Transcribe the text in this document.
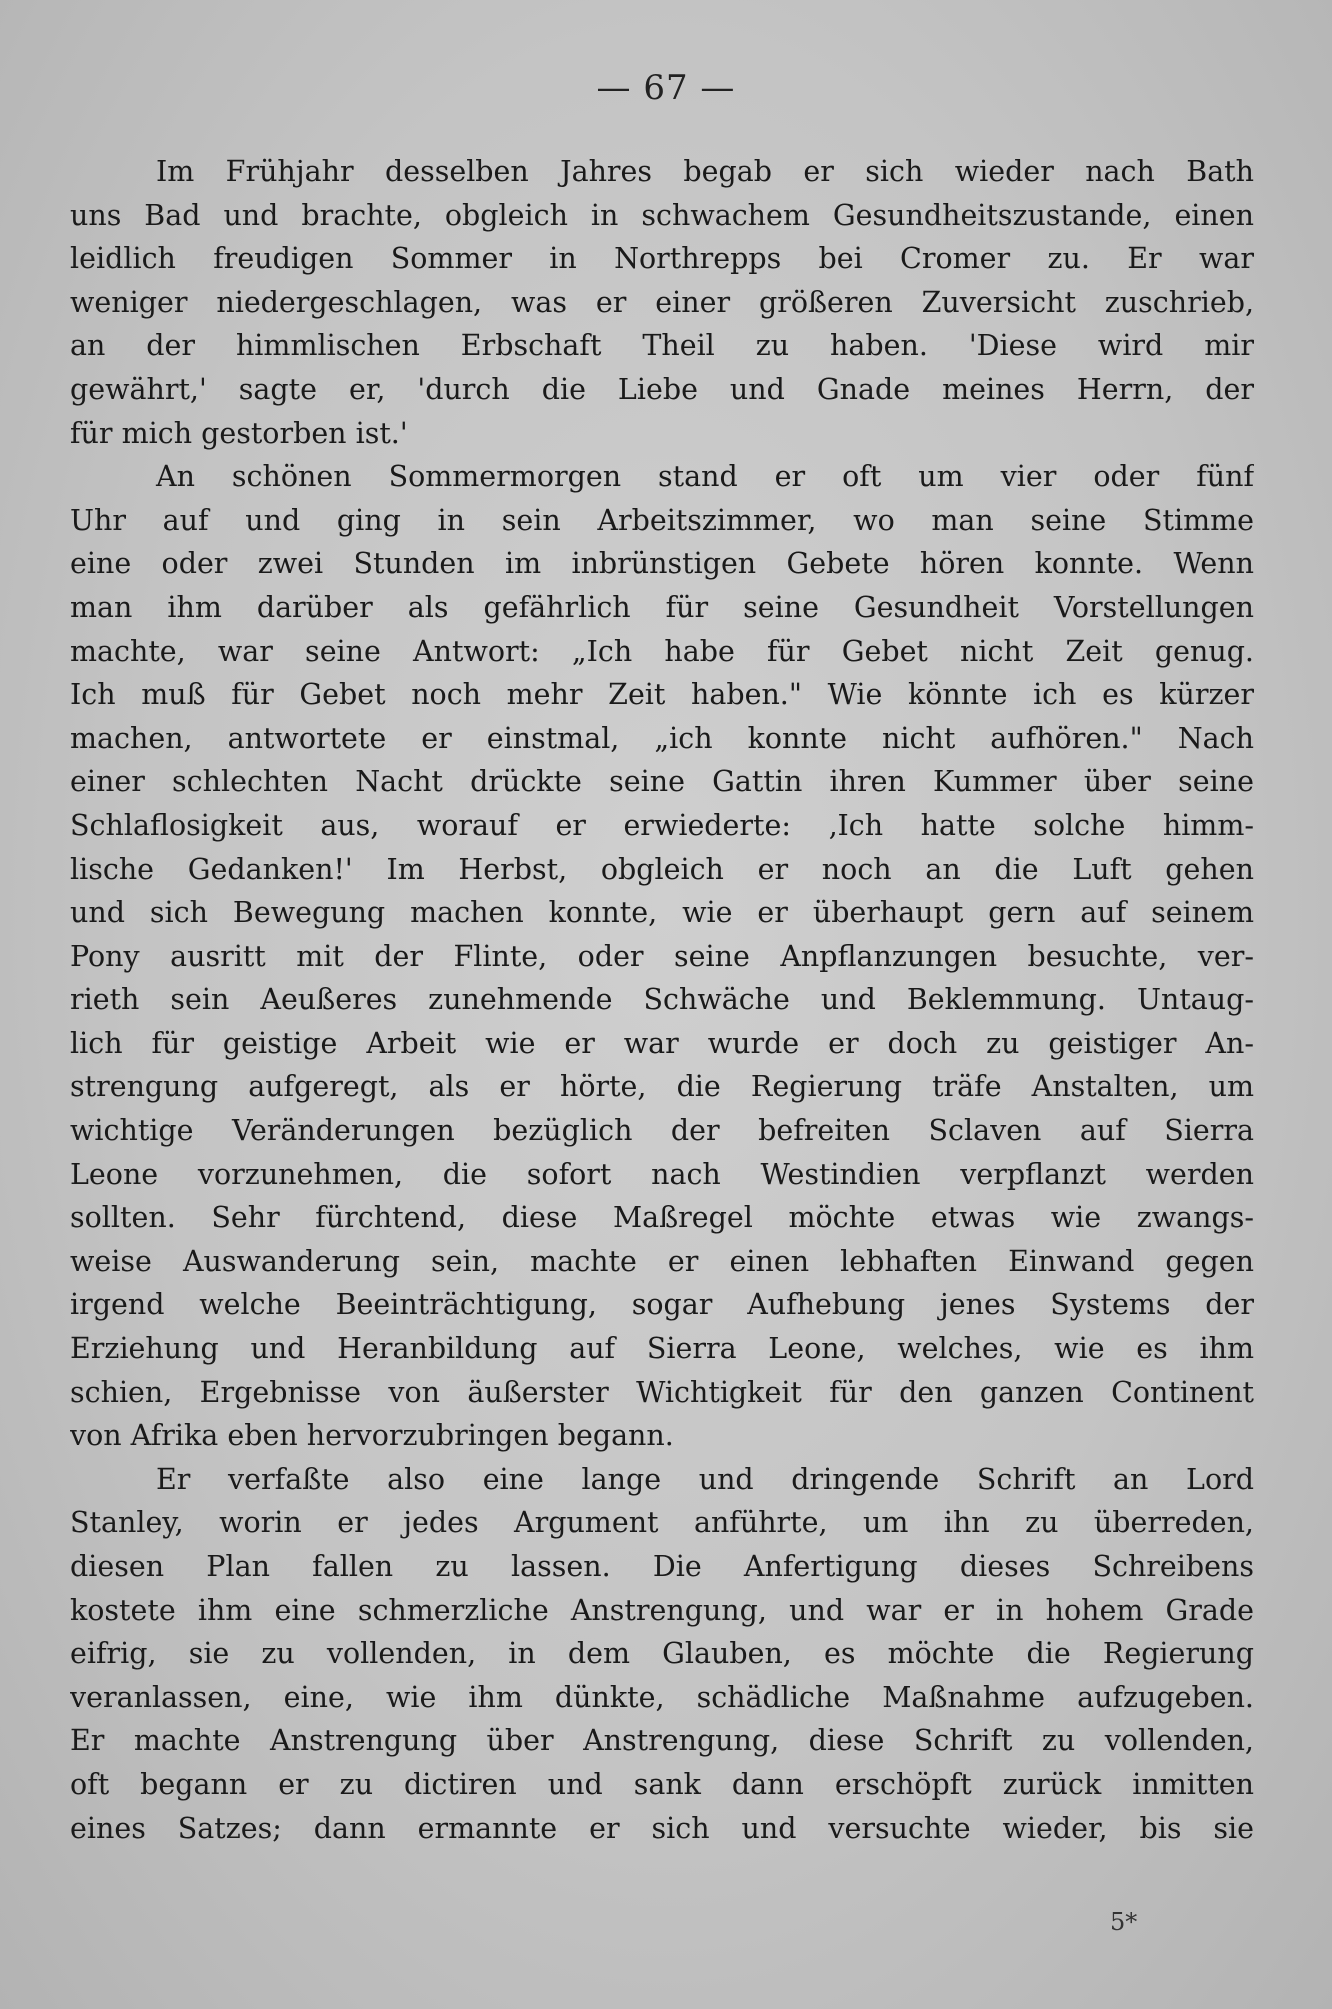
— 67 —

Im Frühjahr desselben Jahres begab er sich wieder nach Bath
uns Bad und brachte, obgleich in schwachem Gesundheitszustande, einen
leidlich freudigen Sommer in Northrepps bei Cromer zu. Er war
weniger niedergeschlagen, was er einer größeren Zuversicht zuschrieb,
an der himmlischen Erbschaft Theil zu haben. 'Diese wird mir
gewährt,' sagte er, 'durch die Liebe und Gnade meines Herrn, der
für mich gestorben ist.'

An schönen Sommermorgen stand er oft um vier oder fünf
Uhr auf und ging in sein Arbeitszimmer, wo man seine Stimme
eine oder zwei Stunden im inbrünstigen Gebete hören konnte. Wenn
man ihm darüber als gefährlich für seine Gesundheit Vorstellungen
machte, war seine Antwort: „Ich habe für Gebet nicht Zeit genug.
Ich muß für Gebet noch mehr Zeit haben." Wie könnte ich es kürzer
machen, antwortete er einstmal, „ich konnte nicht aufhören." Nach
einer schlechten Nacht drückte seine Gattin ihren Kummer über seine
Schlaflosigkeit aus, worauf er erwiederte: ‚Ich hatte solche himm-
lische Gedanken!' Im Herbst, obgleich er noch an die Luft gehen
und sich Bewegung machen konnte, wie er überhaupt gern auf seinem
Pony ausritt mit der Flinte, oder seine Anpflanzungen besuchte, ver-
rieth sein Aeußeres zunehmende Schwäche und Beklemmung. Untaug-
lich für geistige Arbeit wie er war wurde er doch zu geistiger An-
strengung aufgeregt, als er hörte, die Regierung träfe Anstalten, um
wichtige Veränderungen bezüglich der befreiten Sclaven auf Sierra
Leone vorzunehmen, die sofort nach Westindien verpflanzt werden
sollten. Sehr fürchtend, diese Maßregel möchte etwas wie zwangs-
weise Auswanderung sein, machte er einen lebhaften Einwand gegen
irgend welche Beeinträchtigung, sogar Aufhebung jenes Systems der
Erziehung und Heranbildung auf Sierra Leone, welches, wie es ihm
schien, Ergebnisse von äußerster Wichtigkeit für den ganzen Continent
von Afrika eben hervorzubringen begann.

Er verfaßte also eine lange und dringende Schrift an Lord
Stanley, worin er jedes Argument anführte, um ihn zu überreden,
diesen Plan fallen zu lassen. Die Anfertigung dieses Schreibens
kostete ihm eine schmerzliche Anstrengung, und war er in hohem Grade
eifrig, sie zu vollenden, in dem Glauben, es möchte die Regierung
veranlassen, eine, wie ihm dünkte, schädliche Maßnahme aufzugeben.
Er machte Anstrengung über Anstrengung, diese Schrift zu vollenden,
oft begann er zu dictiren und sank dann erschöpft zurück inmitten
eines Satzes; dann ermannte er sich und versuchte wieder, bis sie

5*
